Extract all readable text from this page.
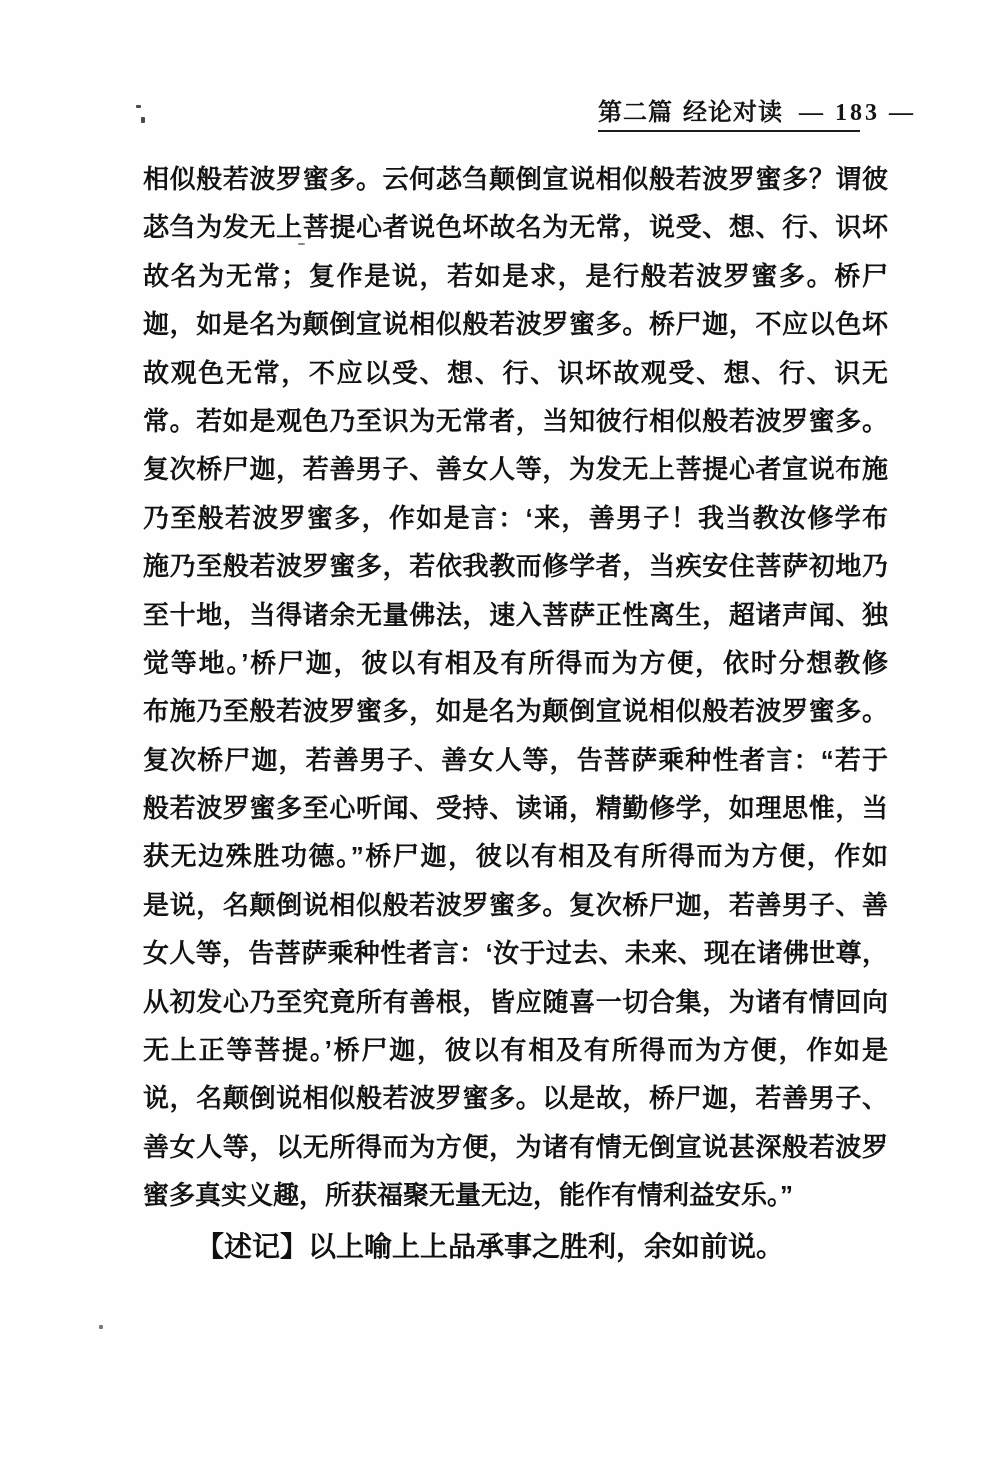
第二篇 经论对读 — 183 —
相似般若波罗蜜多。云何苾刍颠倒宣说相似般若波罗蜜多？谓彼
苾刍为发无上菩提心者说色坏故名为无常，说受、想、行、识坏
故名为无常；复作是说，若如是求，是行般若波罗蜜多。桥尸
迦，如是名为颠倒宣说相似般若波罗蜜多。桥尸迦，不应以色坏
故观色无常，不应以受、想、行、识坏故观受、想、行、识无
常。若如是观色乃至识为无常者，当知彼行相似般若波罗蜜多。
复次桥尸迦，若善男子、善女人等，为发无上菩提心者宣说布施
乃至般若波罗蜜多，作如是言：‘来，善男子！我当教汝修学布
施乃至般若波罗蜜多，若依我教而修学者，当疾安住菩萨初地乃
至十地，当得诸余无量佛法，速入菩萨正性离生，超诸声闻、独
觉等地。’桥尸迦，彼以有相及有所得而为方便，依时分想教修
布施乃至般若波罗蜜多，如是名为颠倒宣说相似般若波罗蜜多。
复次桥尸迦，若善男子、善女人等，告菩萨乘种性者言：“若于
般若波罗蜜多至心听闻、受持、读诵，精勤修学，如理思惟，当
获无边殊胜功德。”桥尸迦，彼以有相及有所得而为方便，作如
是说，名颠倒说相似般若波罗蜜多。复次桥尸迦，若善男子、善
女人等，告菩萨乘种性者言：‘汝于过去、未来、现在诸佛世尊，
从初发心乃至究竟所有善根，皆应随喜一切合集，为诸有情回向
无上正等菩提。’桥尸迦，彼以有相及有所得而为方便，作如是
说，名颠倒说相似般若波罗蜜多。以是故，桥尸迦，若善男子、
善女人等，以无所得而为方便，为诸有情无倒宣说甚深般若波罗
蜜多真实义趣，所获福聚无量无边，能作有情利益安乐。”
【述记】以上喻上上品承事之胜利，余如前说。
